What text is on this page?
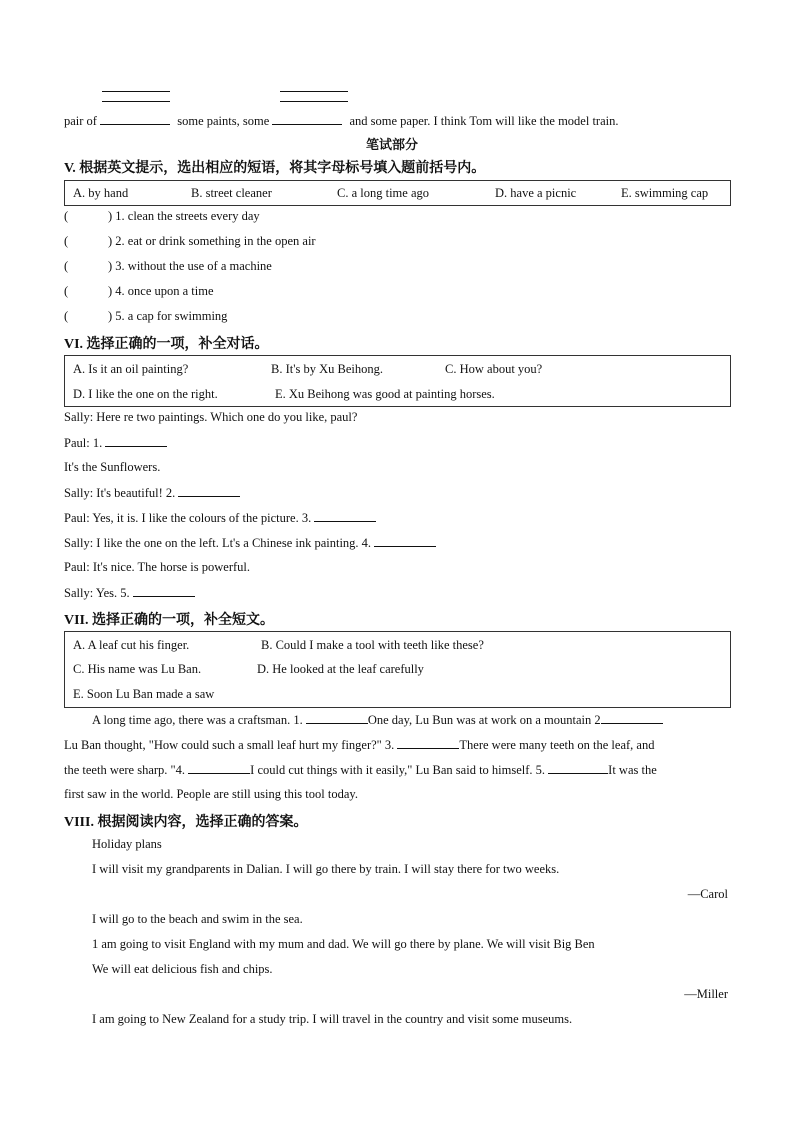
pair of	some paints, some	and some paper. I think Tom will like the model train.
笔试部分
V. 根据英文提示，选出相应的短语，将其字母标号填入题前括号内。
A. by hand	B. street cleaner	C. a long time ago	D. have a picnic	E. swimming cap
(	) 1. clean the streets every day
(	) 2. eat or drink something in the open air
(	) 3. without the use of a machine
(	) 4. once upon a time
(	) 5. a cap for swimming
VI. 选择正确的一项，补全对话。
A. Is it an oil painting?	B. It's by Xu Beihong.	C. How about you?
D. I like the one on the right.	E. Xu Beihong was good at painting horses.
Sally: Here re two paintings. Which one do you like, paul?
Paul: 1.
It's the Sunflowers.
Sally: It's beautiful! 2.
Paul: Yes, it is. I like the colours of the picture. 3.
Sally: I like the one on the left. Lt's a Chinese ink painting. 4.
Paul: It's nice. The horse is powerful.
Sally: Yes. 5.
VII. 选择正确的一项，补全短文。
A. A leaf cut his finger.	B. Could I make a tool with teeth like these?
C. His name was Lu Ban.	D. He looked at the leaf carefully
E. Soon Lu Ban made a saw
A long time ago, there was a craftsman. 1.	One day, Lu Bun was at work on a mountain 2
Lu Ban thought, "How could such a small leaf hurt my finger?" 3.	There were many teeth on the leaf, and
the teeth were sharp. "4.	I could cut things with it easily," Lu Ban said to himself. 5.	It was the
first saw in the world. People are still using this tool today.
VIII. 根据阅读内容，选择正确的答案。
Holiday plans
I will visit my grandparents in Dalian. I will go there by train. I will stay there for two weeks.
—Carol
I will go to the beach and swim in the sea.
1 am going to visit England with my mum and dad. We will go there by plane. We will visit Big Ben
We will eat delicious fish and chips.
—Miller
I am going to New Zealand for a study trip. I will travel in the country and visit some museums.
